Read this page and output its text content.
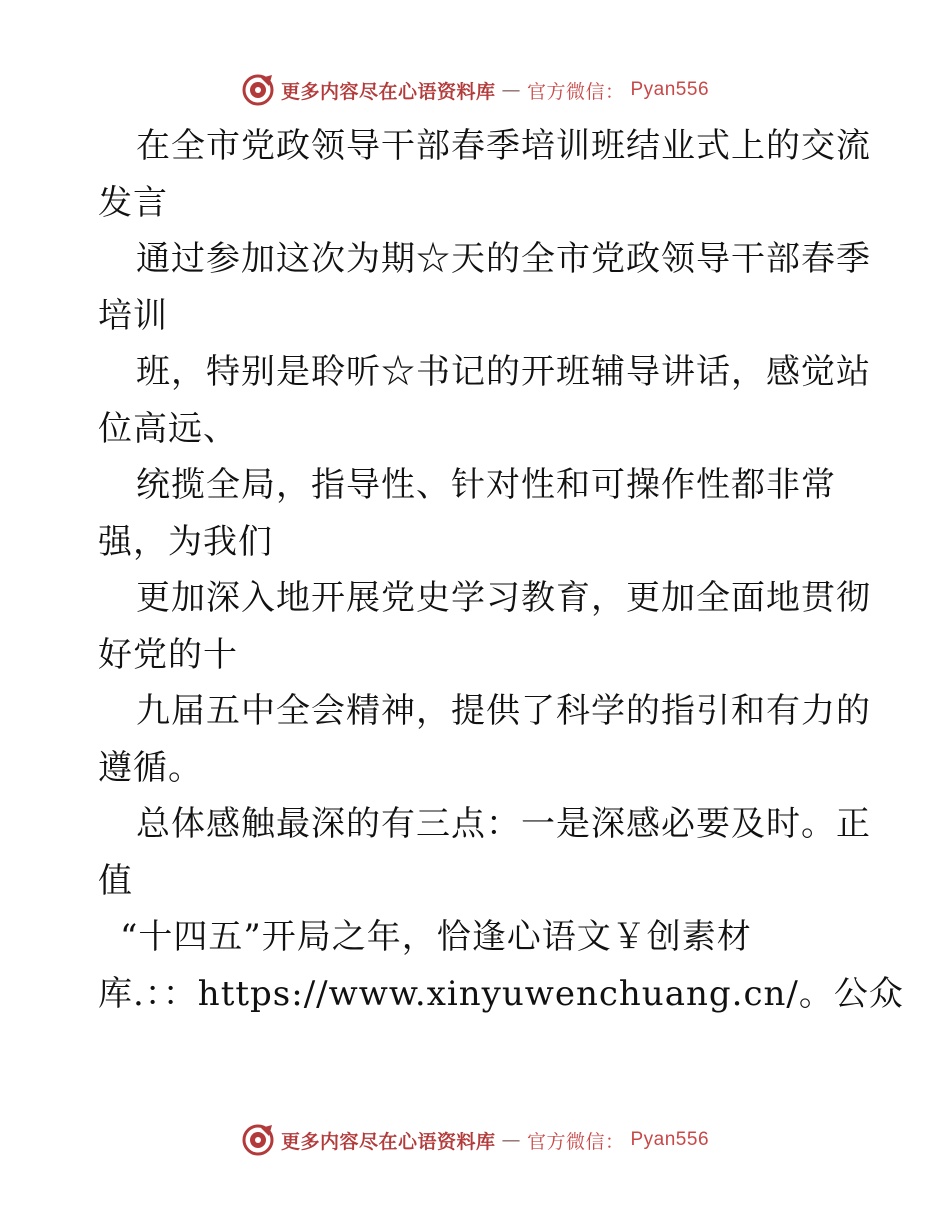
更多内容尽在心语资料库 — 官方微信： Pyan556
在全市党政领导干部春季培训班结业式上的交流
发言
通过参加这次为期☆天的全市党政领导干部春季
培训
班，特别是聆听☆书记的开班辅导讲话，感觉站
位高远、
统揽全局，指导性、针对性和可操作性都非常
强，为我们
更加深入地开展党史学习教育，更加全面地贯彻
好党的十
九届五中全会精神，提供了科学的指引和有力的
遵循。
总体感触最深的有三点：一是深感必要及时。正
值
“十四五”开局之年，恰逢心语文￥创素材
库.：：https://www.xinyuwenchuang.cn/。公众
更多内容尽在心语资料库 — 官方微信： Pyan556
